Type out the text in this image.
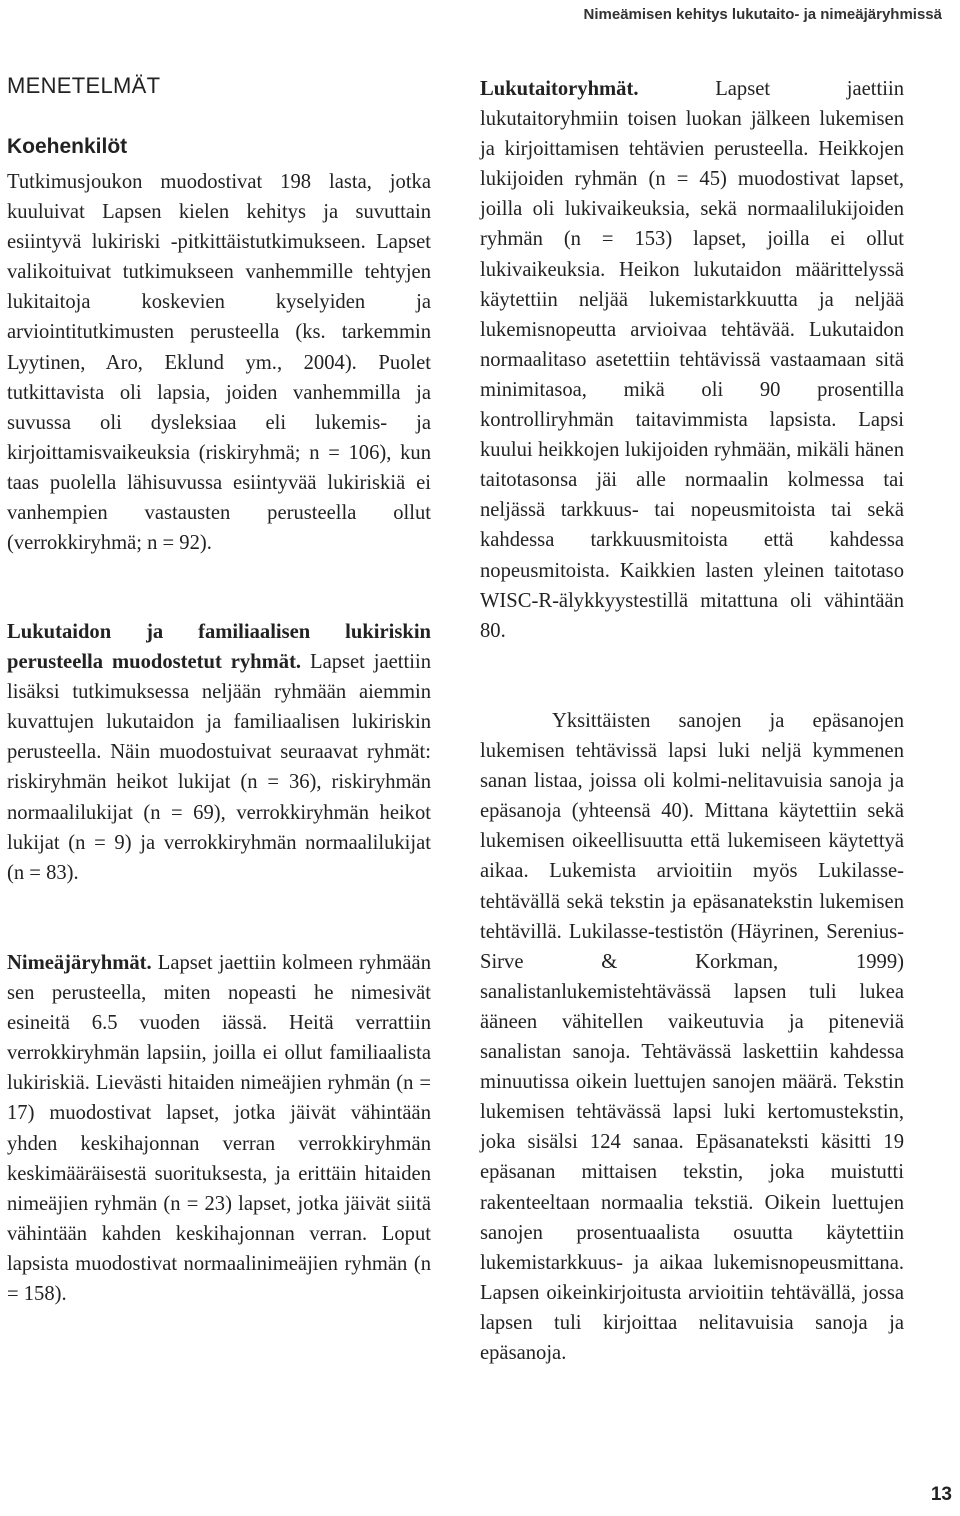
Nimeämisen kehitys lukutaito- ja nimeäjäryhmissä
MENETELMÄT
Koehenkilöt

Tutkimusjoukon muodostivat 198 lasta, jotka kuuluivat Lapsen kielen kehitys ja suvuttain esiintyvä lukiriski -pitkittäistutkimukseen. Lapset valikoituivat tutkimukseen vanhemmille tehtyjen lukitaitoja koskevien kyselyiden ja arviointitutkimusten perusteella (ks. tarkemmin Lyytinen, Aro, Eklund ym., 2004). Puolet tutkittavista oli lapsia, joiden vanhemmilla ja suvussa oli dysleksiaa eli lukemis- ja kirjoittamisvaikeuksia (riskiryhmä; n = 106), kun taas puolella lähisuvussa esiintyvää lukiriskiä ei vanhempien vastausten perusteella ollut (verrokkiryhmä; n = 92).

Lukutaidon ja familiaalisen lukiriskin perusteella muodostetut ryhmät. Lapset jaettiin lisäksi tutkimuksessa neljään ryhmään aiemmin kuvattujen lukutaidon ja familiaalisen lukiriskin perusteella. Näin muodostuivat seuraavat ryhmät: riskiryhmän heikot lukijat (n = 36), riskiryhmän normaalilukijat (n = 69), verrokkiryhmän heikot lukijat (n = 9) ja verrokkiryhmän normaalilukijat (n = 83).

Nimeäjäryhmät. Lapset jaettiin kolmeen ryhmään sen perusteella, miten nopeasti he nimesivät esineitä 6.5 vuoden iässä. Heitä verrattiin verrokkiryhmän lapsiin, joilla ei ollut familiaalista lukiriskiä. Lievästi hitaiden nimeäjien ryhmän (n = 17) muodostivat lapset, jotka jäivät vähintään yhden keskihajonnan verran verrokkiryhmän keskimääräisestä suorituksesta, ja erittäin hitaiden nimeäjien ryhmän (n = 23) lapset, jotka jäivät siitä vähintään kahden keskihajonnan verran. Loput lapsista muodostivat normaalinimeäjien ryhmän (n = 158).

Lukutaitoryhmät.	Lapset jaettiin lukutaitoryhmiin toisen luokan jälkeen lukemisen ja kirjoittamisen tehtävien perusteella. Heikkojen lukijoiden ryhmän (n = 45) muodostivat lapset, joilla oli lukivaikeuksia, sekä normaalilukijoiden ryhmän (n = 153) lapset, joilla ei ollut lukivaikeuksia. Heikon lukutaidon määrittelyssä käytettiin neljää lukemistarkkuutta ja neljää lukemisnopeutta arvioivaa tehtävää. Lukutaidon normaalitaso asetettiin tehtävissä vastaamaan sitä minimitasoa, mikä oli 90 prosentilla kontrolliryhmän taitavimmista lapsista. Lapsi kuului heikkojen lukijoiden ryhmään, mikäli hänen taitotasonsa jäi alle normaalin kolmessa tai neljässä tarkkuus- tai nopeusmitoista tai sekä kahdessa tarkkuusmitoista että kahdessa nopeusmitoista. Kaikkien lasten yleinen taitotaso WISC-R-älykkyystestillä mitattuna oli vähintään 80.

Yksittäisten sanojen ja epäsanojen lukemisen tehtävissä lapsi luki neljä kymmenen sanan listaa, joissa oli kolmi-nelitavuisia sanoja ja epäsanoja (yhteensä 40). Mittana käytettiin sekä lukemisen oikeellisuutta että lukemiseen käytettyä aikaa. Lukemista arvioitiin myös Lukilasse-tehtävällä sekä tekstin ja epäsanatekstin lukemisen tehtävillä. Lukilasse-testistön (Häyrinen, Serenius-Sirve & Korkman, 1999) sanalistanlukemistehtävässä lapsen tuli lukea ääneen vähitellen vaikeutuvia ja piteneviä sanalistan sanoja. Tehtävässä laskettiin kahdessa minuutissa oikein luettujen sanojen määrä. Tekstin lukemisen tehtävässä lapsi luki kertomustekstin, joka sisälsi 124 sanaa. Epäsanateksti käsitti 19 epäsanan mittaisen tekstin, joka muistutti rakenteeltaan normaalia tekstiä. Oikein luettujen sanojen prosentuaalista osuutta käytettiin lukemistarkkuus- ja aikaa lukemisnopeusmittana. Lapsen oikeinkirjoitusta arvioitiin tehtävällä, jossa lapsen tuli kirjoittaa nelitavuisia sanoja ja epäsanoja.

13
